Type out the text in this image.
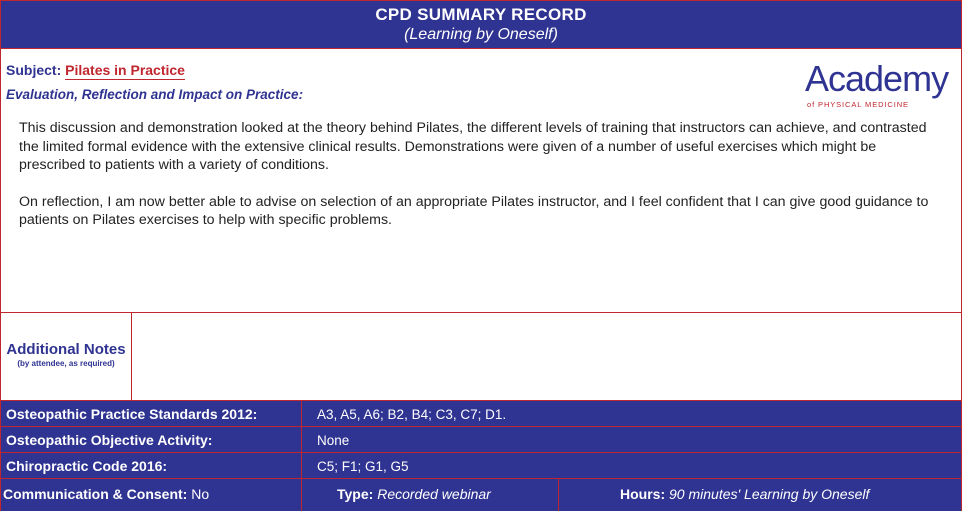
CPD SUMMARY RECORD
(Learning by Oneself)
Subject: Pilates in Practice
Evaluation, Reflection and Impact on Practice:	Academy
of PHYSICAL MEDICINE

This discussion and demonstration looked at the theory behind Pilates, the different levels of training that instructors can achieve, and contrasted the limited formal evidence with the extensive clinical results. Demonstrations were given of a number of useful exercises which might be prescribed to patients with a variety of conditions.

On reflection, I am now better able to advise on selection of an appropriate Pilates instructor, and I feel confident that I can give good guidance to patients on Pilates exercises to help with specific problems.

Additional Notes
(by attendee, as required)
Osteopathic Practice Standards 2012:	A3, A5, A6; B2, B4; C3, C7; D1.
Osteopathic Objective Activity:	None
Chiropractic Code 2016:	C5; F1; G1, G5
Communication & Consent: No	Type: Recorded webinar	Hours: 90 minutes' Learning by Oneself
